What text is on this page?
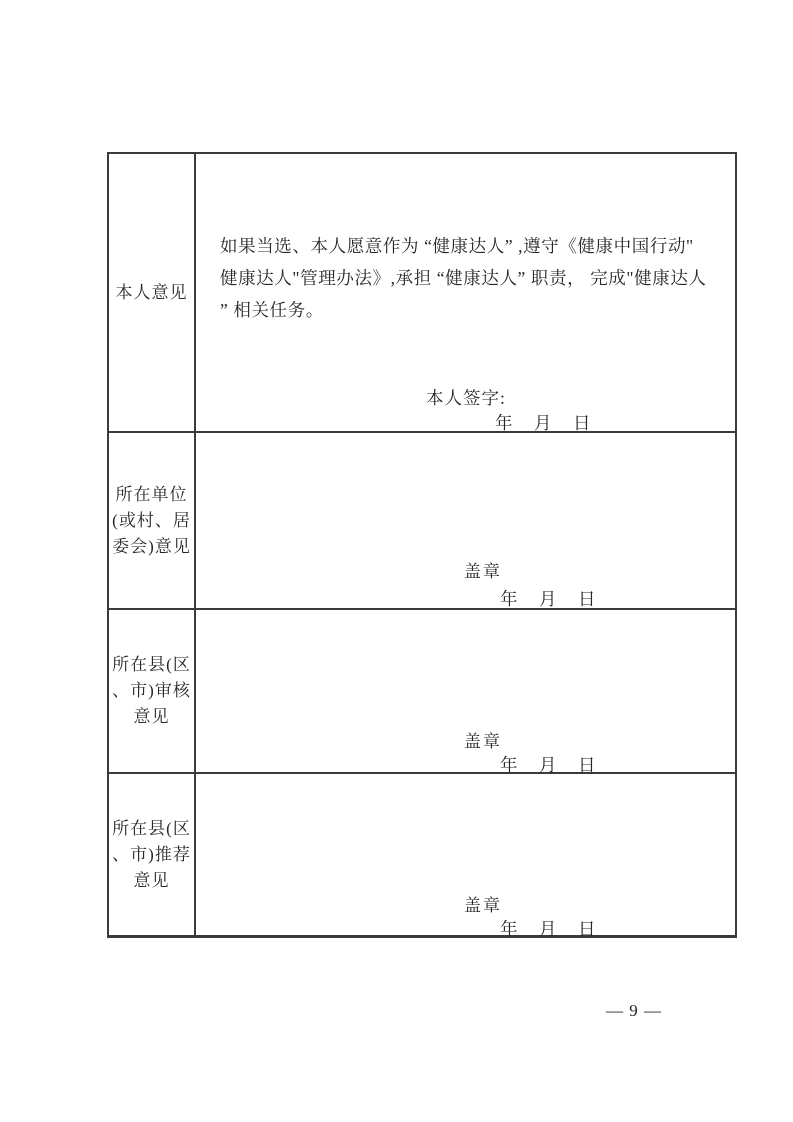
本人意见
如果当选、本人愿意作为 “健康达人” ,遵守《健康中国行动"
健康达人"管理办法》,承担 “健康达人” 职责， 完成"健康达人
” 相关任务。
本人签字:
年　月　日
所在单位
(或村、居
委会)意见
盖章
年　月　日
所在县(区
、市)审核
意见
盖章
年　月　日
所在县(区
、市)推荐
意见
盖章
年　月　日
— 9 —
